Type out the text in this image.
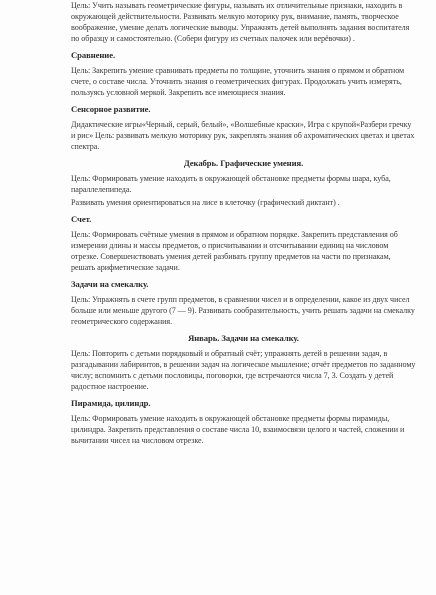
Цель: Учить называть геометрические фигуры, называть их отличительные признаки, находить в окружающей действительности. Развивать мелкую моторику рук, внимание, память, творческое воображение, умение делать логические выводы. Упражнять детей выполнять задания воспитателя по образцу и самостоятельно. (Собери фигуру из счетных палочек или верёвочки) .
Сравнение.
Цель: Закрепить умение сравнивать предметы по толщине, уточнить знания о прямом и обратном счете, о составе числа. Уточнить знания о геометрических фигурах. Продолжать учить измерять, пользуясь условной меркой. Закрепить все имеющиеся знания.
Сенсорное развитие.
Дидактические игры«Черный, серый, белый», «Волшебные краски», Игра с крупой«Разбери гречку и рис» Цель: развивать мелкую моторику рук, закреплять знания об ахроматических цветах и цветах спектра.
Декабрь. Графические умения.
Цель: Формировать умение находить в окружающей обстановке предметы формы шара, куба, параллелепипеда.
Развивать умения ориентироваться на лисе в клеточку (графический диктант) .
Счет.
Цель: Формировать счётные умения в прямом и обратном порядке. Закрепить представления об измерении длины и массы предметов, о присчитывании и отсчитывании единиц на числовом отрезке. Совершенствовать умения детей разбивать группу предметов на части по признакам, решать арифметические задачи.
Задачи на смекалку.
Цель: Упражнять в счете групп предметов, в сравнении чисел и в определении, какое из двух чисел больше или меньше другого (7 — 9). Развивать сообразительность, учить решать задачи на смекалку геометрического содержания.
Январь. Задачи на смекалку.
Цель: Повторить с детьми порядковый и обратный счёт; упражнять детей в решении задач, в разгадывании лабиринтов, в решении задач на логическое мышление; отчёт предметов по заданному числу; вспомнить с детьми пословицы, поговорки, где встречаются числа 7, 3. Создать у детей радостное настроение.
Пирамида, цилиндр.
Цель: Формировать умение находить в окружающей обстановке предметы формы пирамиды, цилиндра. Закрепить представления о составе числа 10, взаимосвязи целого и частей, сложении и вычитании чисел на числовом отрезке.
